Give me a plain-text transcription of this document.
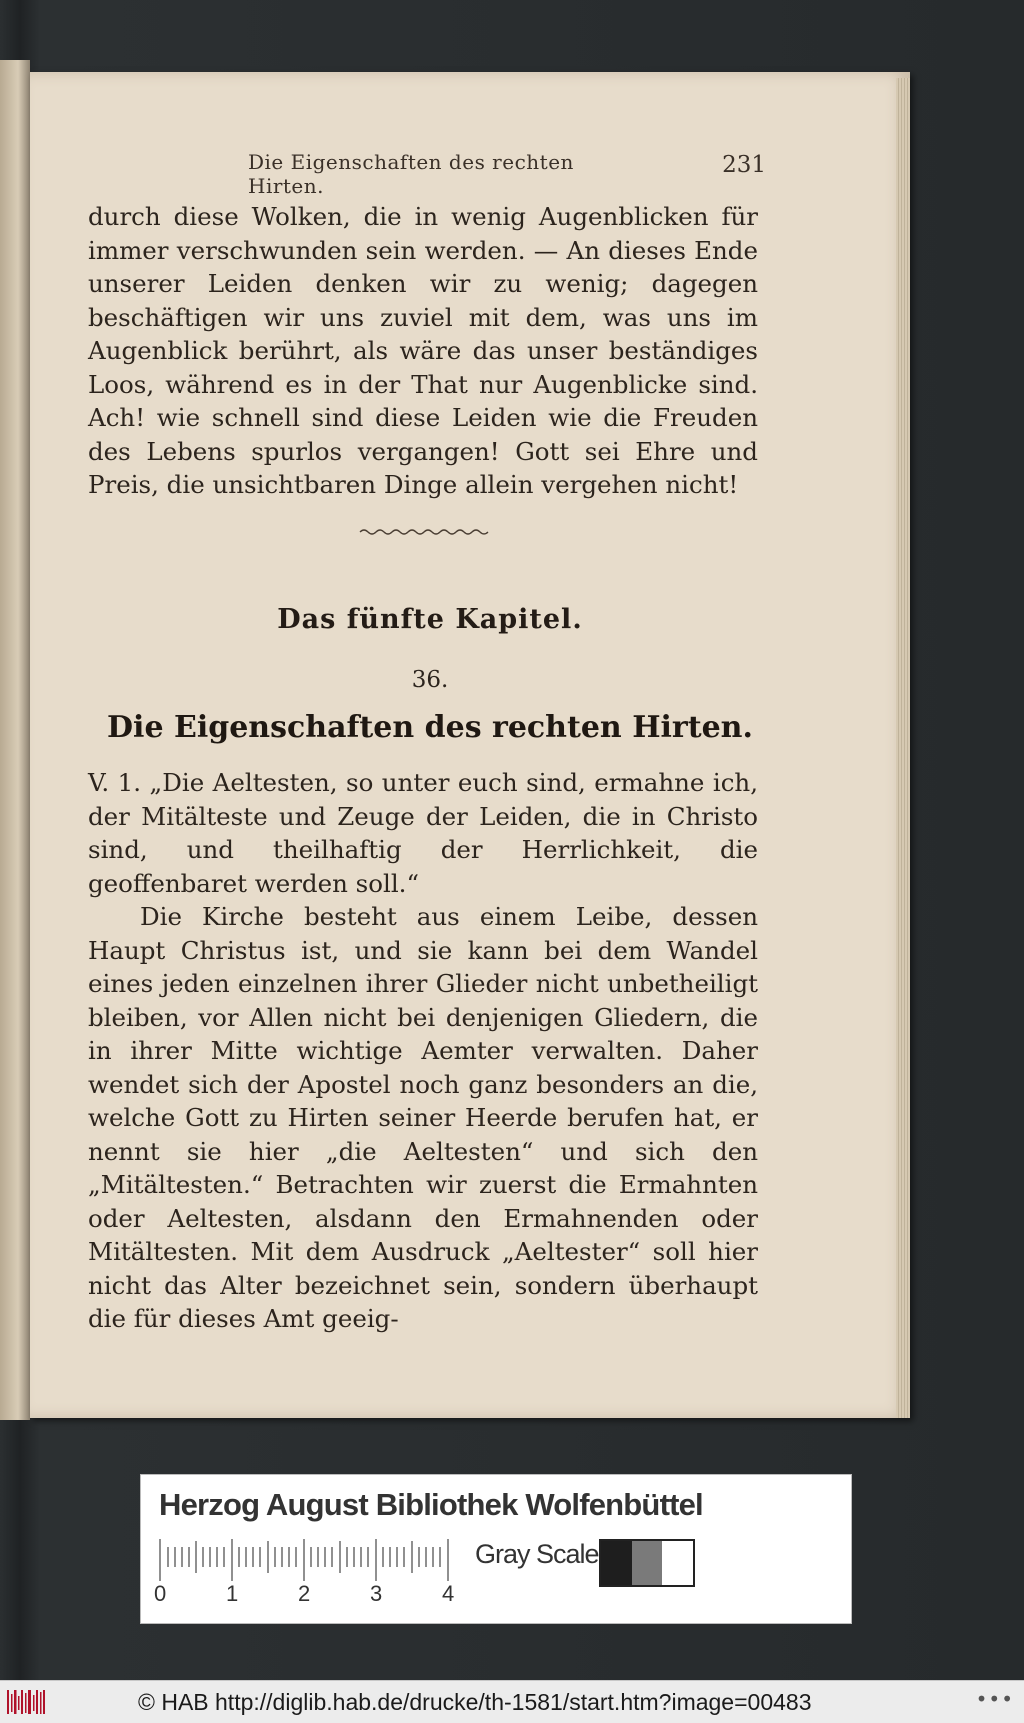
Die Eigenschaften des rechten Hirten.
231

durch diese Wolken, die in wenig Augenblicken für immer verschwunden sein werden. — An dieses Ende unserer Leiden denken wir zu wenig; dagegen beschäftigen wir uns zuviel mit dem, was uns im Augenblick berührt, als wäre das unser beständiges Loos, während es in der That nur Augenblicke sind. Ach! wie schnell sind diese Leiden wie die Freuden des Lebens spurlos vergangen! Gott sei Ehre und Preis, die unsichtbaren Dinge allein vergehen nicht!

Das fünfte Kapitel.
36.
Die Eigenschaften des rechten Hirten.

V. 1. „Die Aeltesten, so unter euch sind, ermahne ich, der Mitälteste und Zeuge der Leiden, die in Christo sind, und theilhaftig der Herrlichkeit, die geoffenbaret werden soll.“

Die Kirche besteht aus einem Leibe, dessen Haupt Christus ist, und sie kann bei dem Wandel eines jeden einzelnen ihrer Glieder nicht unbetheiligt bleiben, vor Allen nicht bei denjenigen Gliedern, die in ihrer Mitte wichtige Aemter verwalten. Daher wendet sich der Apostel noch ganz besonders an die, welche Gott zu Hirten seiner Heerde berufen hat, er nennt sie hier „die Aeltesten“ und sich den „Mitältesten.“ Betrachten wir zuerst die Ermahnten oder Aeltesten, alsdann den Ermahnenden oder Mitältesten. Mit dem Ausdruck „Aeltester“ soll hier nicht das Alter bezeichnet sein, sondern überhaupt die für dieses Amt geeig-

Herzog August Bibliothek Wolfenbüttel
0	1	2	3	4
Gray Scale
© HAB http://diglib.hab.de/drucke/th-1581/start.htm?image=00483	•••
